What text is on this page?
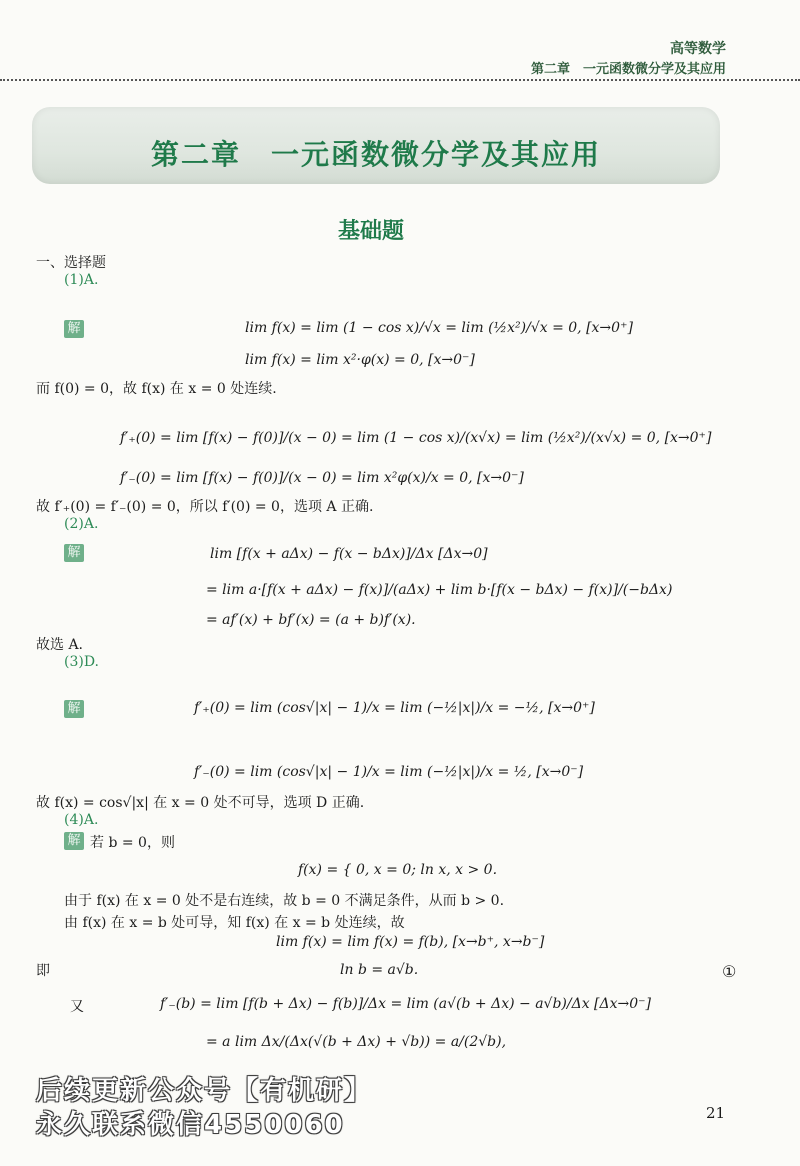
高等数学
第二章　一元函数微分学及其应用
第二章　一元函数微分学及其应用
基础题
一、选择题
(1)A.
解	lim f(x) = lim (1 − cos x)/√x = lim (½x²)/√x = 0, [x→0⁺]
lim f(x) = lim x²·φ(x) = 0, [x→0⁻]
而 f(0) = 0，故 f(x) 在 x = 0 处连续.
f′₊(0) = lim [f(x) − f(0)]/(x − 0) = lim (1 − cos x)/(x√x) = lim (½x²)/(x√x) = 0, [x→0⁺]
f′₋(0) = lim [f(x) − f(0)]/(x − 0) = lim x²φ(x)/x = 0, [x→0⁻]
故 f′₊(0) = f′₋(0) = 0，所以 f′(0) = 0，选项 A 正确.
(2)A.
解	lim [f(x + aΔx) − f(x − bΔx)]/Δx [Δx→0]
= lim a·[f(x + aΔx) − f(x)]/(aΔx) + lim b·[f(x − bΔx) − f(x)]/(−bΔx)
= af′(x) + bf′(x) = (a + b)f′(x).
故选 A.
(3)D.
解	f′₊(0) = lim (cos√|x| − 1)/x = lim (−½|x|)/x = −½, [x→0⁺]
f′₋(0) = lim (cos√|x| − 1)/x = lim (−½|x|)/x = ½, [x→0⁻]
故 f(x) = cos√|x| 在 x = 0 处不可导，选项 D 正确.
(4)A.
解 若 b = 0，则
f(x) = { 0, x = 0; ln x, x > 0.
由于 f(x) 在 x = 0 处不是右连续，故 b = 0 不满足条件，从而 b > 0.
由 f(x) 在 x = b 处可导，知 f(x) 在 x = b 处连续，故
lim f(x) = lim f(x) = f(b), [x→b⁺, x→b⁻]
即	ln b = a√b.	①
又	f′₋(b) = lim [f(b + Δx) − f(b)]/Δx = lim (a√(b + Δx) − a√b)/Δx [Δx→0⁻]
= a lim Δx/(Δx(√(b + Δx) + √b)) = a/(2√b),
后续更新公众号【有机研】
永久联系微信4550060	21
